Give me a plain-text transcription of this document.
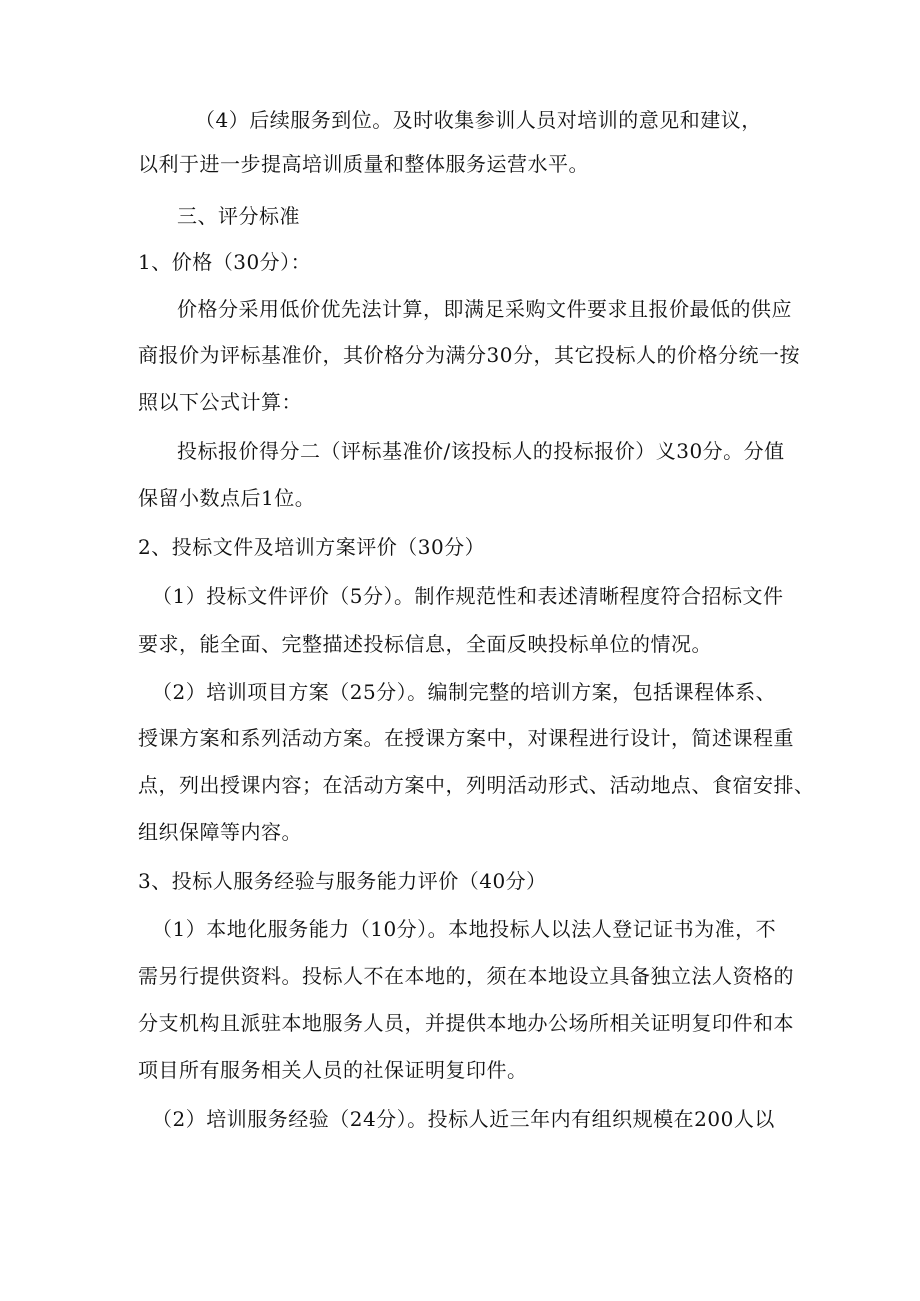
（4）后续服务到位。及时收集参训人员对培训的意见和建议，
以利于进一步提高培训质量和整体服务运营水平。
三、评分标准
1、价格（30分）：
价格分采用低价优先法计算，即满足采购文件要求且报价最低的供应
商报价为评标基准价，其价格分为满分30分，其它投标人的价格分统一按
照以下公式计算：
投标报价得分二（评标基准价/该投标人的投标报价）义30分。分值
保留小数点后1位。
2、投标文件及培训方案评价（30分）
（1）投标文件评价（5分）。制作规范性和表述清晰程度符合招标文件
要求，能全面、完整描述投标信息，全面反映投标单位的情况。
（2）培训项目方案（25分）。编制完整的培训方案，包括课程体系、
授课方案和系列活动方案。在授课方案中，对课程进行设计，简述课程重
点，列出授课内容；在活动方案中，列明活动形式、活动地点、食宿安排、
组织保障等内容。
3、投标人服务经验与服务能力评价（40分）
（1）本地化服务能力（10分）。本地投标人以法人登记证书为准，不
需另行提供资料。投标人不在本地的，须在本地设立具备独立法人资格的
分支机构且派驻本地服务人员，并提供本地办公场所相关证明复印件和本
项目所有服务相关人员的社保证明复印件。
（2）培训服务经验（24分）。投标人近三年内有组织规模在200人以
